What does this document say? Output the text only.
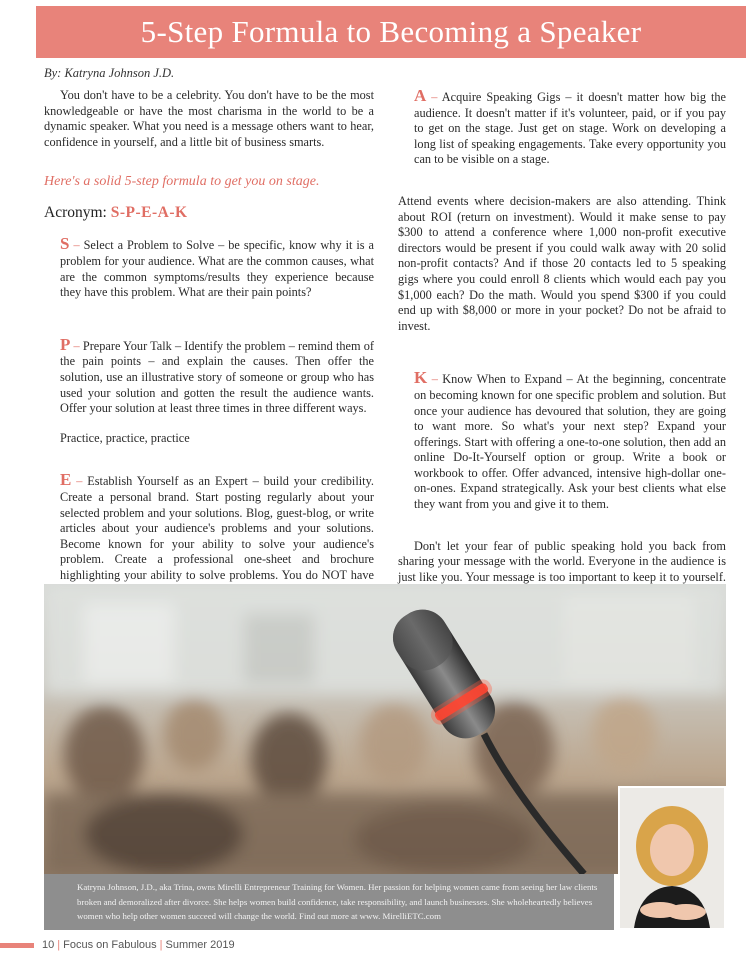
5-Step Formula to Becoming a Speaker
By: Katryna Johnson J.D.

You don't have to be a celebrity. You don't have to be the most knowledgeable or have the most charisma in the world to be a dynamic speaker. What you need is a message others want to hear, confidence in yourself, and a little bit of business smarts.

Here's a solid 5-step formula to get you on stage.
Acronym: S-P-E-A-K

S – Select a Problem to Solve – be specific, know why it is a problem for your audience. What are the common causes, what are the common symptoms/results they experience because they have this problem. What are their pain points?

P – Prepare Your Talk – Identify the problem – remind them of the pain points – and explain the causes. Then offer the solution, use an illustrative story of someone or group who has used your solution and gotten the result the audience wants. Offer your solution at least three times in three different ways.

Practice, practice, practice

E – Establish Yourself as an Expert – build your credibility. Create a personal brand. Start posting regularly about your selected problem and your solutions. Blog, guest-blog, or write articles about your audience's problems and your solutions. Become known for your ability to solve your audience's problem. Create a professional one-sheet and brochure highlighting your ability to solve problems. You do NOT have

A – Acquire Speaking Gigs – it doesn't matter how big the audience. It doesn't matter if it's volunteer, paid, or if you pay to get on the stage. Just get on stage. Work on developing a long list of speaking engagements. Take every opportunity you can to be visible on a stage.

Attend events where decision-makers are also attending. Think about ROI (return on investment). Would it make sense to pay $300 to attend a conference where 1,000 non-profit executive directors would be present if you could walk away with 20 solid non-profit contacts? And if those 20 contacts led to 5 speaking gigs where you could enroll 8 clients which would each pay you $1,000 each? Do the math. Would you spend $300 if you could end up with $8,000 or more in your pocket? Do not be afraid to invest.

K – Know When to Expand – At the beginning, concentrate on becoming known for one specific problem and solution. But once your audience has devoured that solution, they are going to want more. So what's your next step? Expand your offerings. Start with offering a one-to-one solution, then add an online Do-It-Yourself option or group. Write a book or workbook to offer. Offer advanced, intensive high-dollar one-on-ones. Expand strategically. Ask your best clients what else they want from you and give it to them.

Don't let your fear of public speaking hold you back from sharing your message with the world. Everyone in the audience is just like you. Your message is too important to keep it to yourself.

Katryna Johnson, J.D., aka Trina, owns Mirelli Entrepreneur Training for Women. Her passion for helping women came from seeing her law clients broken and demoralized after divorce. She helps women build confidence, take responsibility, and launch businesses. She wholeheartedly believes women who help other women succeed will change the world. Find out more at www. MirelliETC.com

10 | Focus on Fabulous | Summer 2019
